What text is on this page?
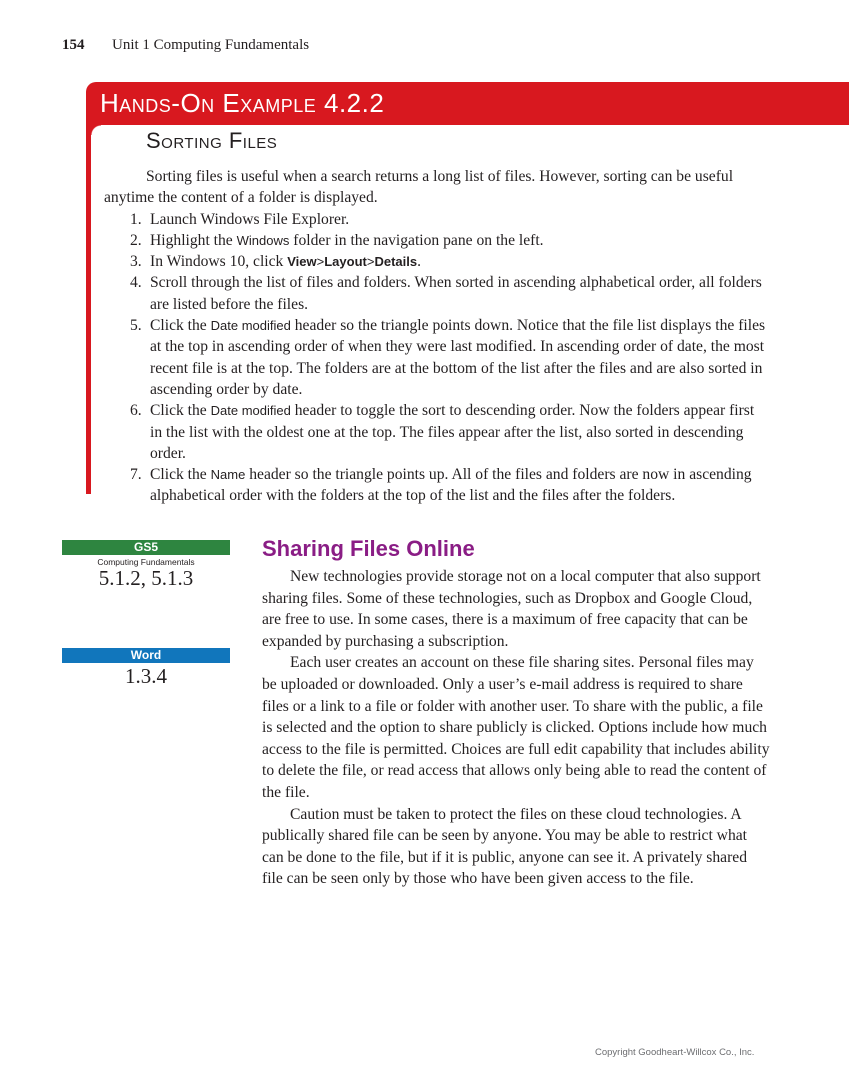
154 Unit 1 Computing Fundamentals
Hands-On Example 4.2.2
Sorting Files

Sorting files is useful when a search returns a long list of files. However, sorting can be useful anytime the content of a folder is displayed.

1. Launch Windows File Explorer.
2. Highlight the Windows folder in the navigation pane on the left.
3. In Windows 10, click View>Layout>Details.
4. Scroll through the list of files and folders. When sorted in ascending alphabetical order, all folders are listed before the files.
5. Click the Date modified header so the triangle points down. Notice that the file list displays the files at the top in ascending order of when they were last modified. In ascending order of date, the most recent file is at the top. The folders are at the bottom of the list after the files and are also sorted in ascending order by date.
6. Click the Date modified header to toggle the sort to descending order. Now the folders appear first in the list with the oldest one at the top. The files appear after the list, also sorted in descending order.
7. Click the Name header so the triangle points up. All of the files and folders are now in ascending alphabetical order with the folders at the top of the list and the files after the folders.
GS5
Computing Fundamentals
5.1.2, 5.1.3
Word
1.3.4
Sharing Files Online

New technologies provide storage not on a local computer that also support sharing files. Some of these technologies, such as Dropbox and Google Cloud, are free to use. In some cases, there is a maximum of free capacity that can be expanded by purchasing a subscription.

Each user creates an account on these file sharing sites. Personal files may be uploaded or downloaded. Only a user’s e-mail address is required to share files or a link to a file or folder with another user. To share with the public, a file is selected and the option to share publicly is clicked. Options include how much access to the file is permitted. Choices are full edit capability that includes ability to delete the file, or read access that allows only being able to read the content of the file.

Caution must be taken to protect the files on these cloud technologies. A publically shared file can be seen by anyone. You may be able to restrict what can be done to the file, but if it is public, anyone can see it. A privately shared file can be seen only by those who have been given access to the file.

Copyright Goodheart-Willcox Co., Inc.
